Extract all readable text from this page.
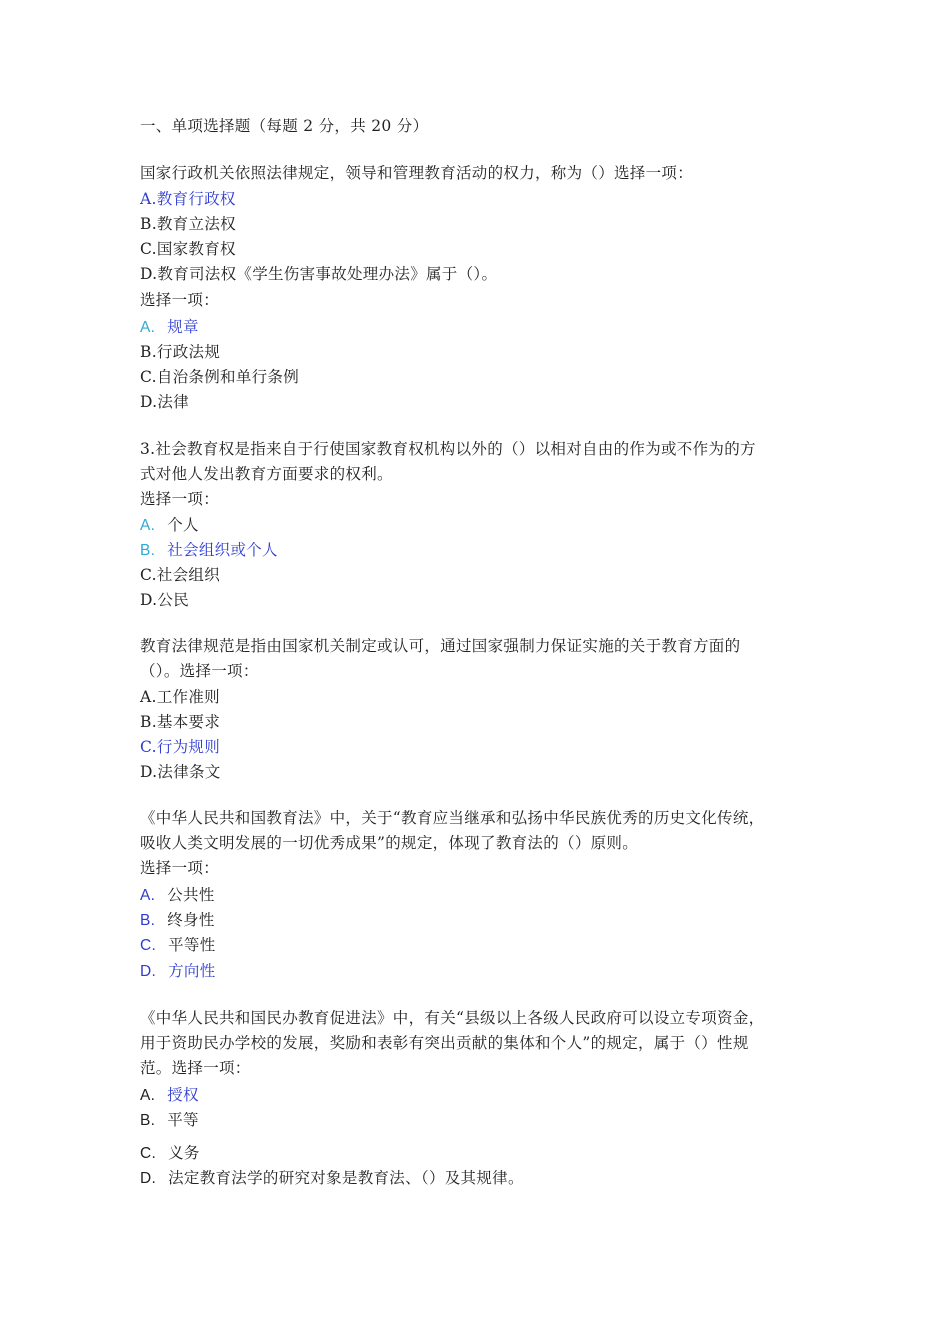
一、单项选择题（每题 2 分，共 20 分）
国家行政机关依照法律规定，领导和管理教育活动的权力，称为（）选择一项：
A.教育行政权
B.教育立法权
C.国家教育权
D.教育司法权《学生伤害事故处理办法》属于（）。
选择一项：
A. 规章
B.行政法规
C.自治条例和单行条例
D.法律
3.社会教育权是指来自于行使国家教育权机构以外的（）以相对自由的作为或不作为的方
式对他人发出教育方面要求的权利。
选择一项：
A. 个人
B. 社会组织或个人
C.社会组织
D.公民
教育法律规范是指由国家机关制定或认可，通过国家强制力保证实施的关于教育方面的
（）。选择一项：
A.工作准则
B.基本要求
C.行为规则
D.法律条文
《中华人民共和国教育法》中，关于“教育应当继承和弘扬中华民族优秀的历史文化传统，
吸收人类文明发展的一切优秀成果”的规定，体现了教育法的（）原则。
选择一项：
A. 公共性
B. 终身性
C. 平等性
D. 方向性
《中华人民共和国民办教育促进法》中，有关“县级以上各级人民政府可以设立专项资金，
用于资助民办学校的发展，奖励和表彰有突出贡献的集体和个人”的规定，属于（）性规
范。选择一项：
A. 授权
B. 平等
C. 义务
D. 法定教育法学的研究对象是教育法、（）及其规律。
